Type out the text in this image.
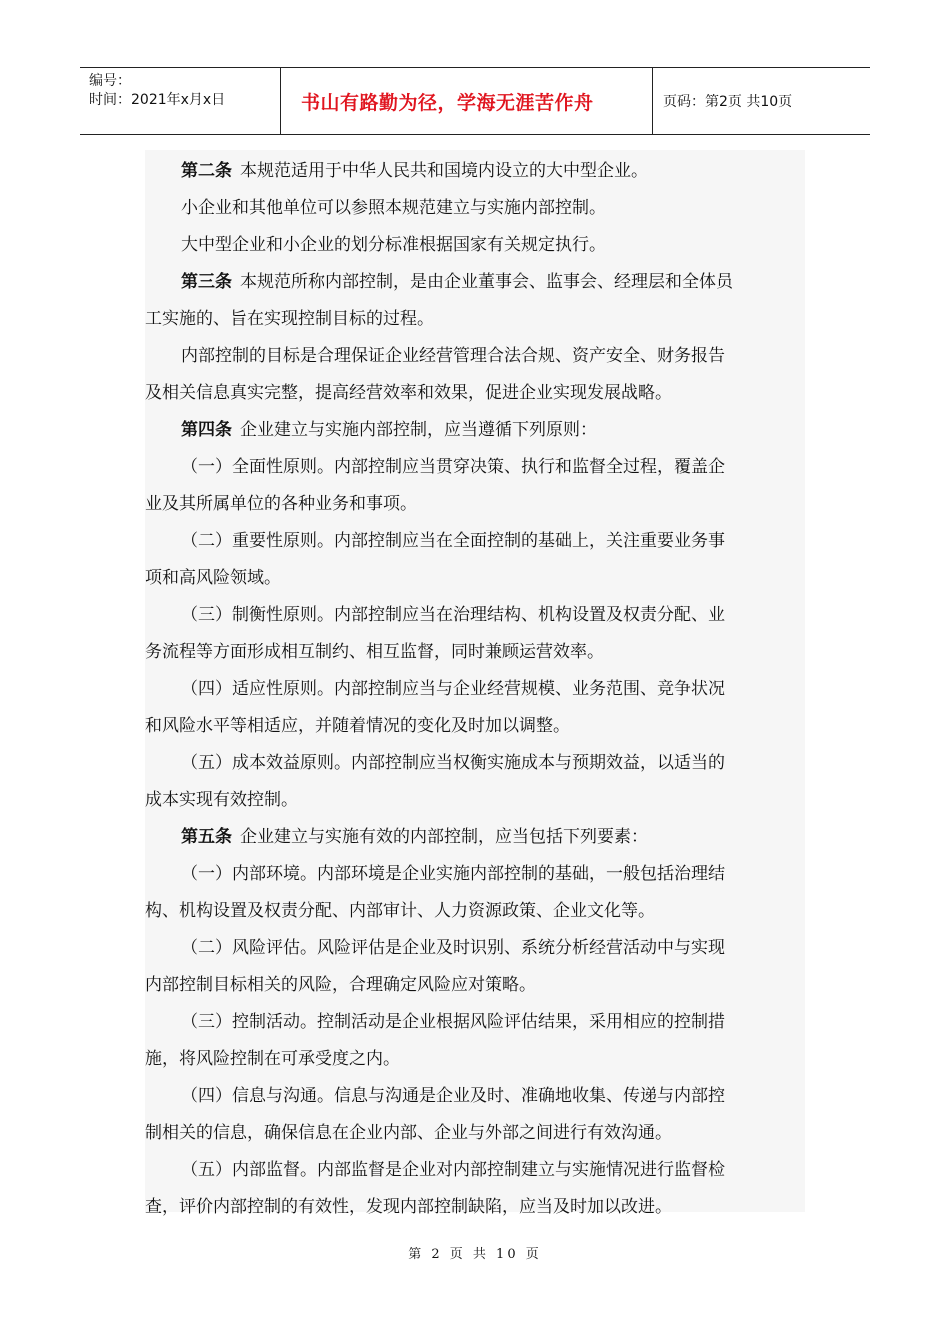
编号：
时间：2021年x月x日	书山有路勤为径，学海无涯苦作舟	页码：第2页 共10页
第二条 本规范适用于中华人民共和国境内设立的大中型企业。
小企业和其他单位可以参照本规范建立与实施内部控制。
大中型企业和小企业的划分标准根据国家有关规定执行。
第三条 本规范所称内部控制，是由企业董事会、监事会、经理层和全体员
工实施的、旨在实现控制目标的过程。
内部控制的目标是合理保证企业经营管理合法合规、资产安全、财务报告
及相关信息真实完整，提高经营效率和效果，促进企业实现发展战略。
第四条 企业建立与实施内部控制，应当遵循下列原则：
（一）全面性原则。内部控制应当贯穿决策、执行和监督全过程，覆盖企
业及其所属单位的各种业务和事项。
（二）重要性原则。内部控制应当在全面控制的基础上，关注重要业务事
项和高风险领域。
（三）制衡性原则。内部控制应当在治理结构、机构设置及权责分配、业
务流程等方面形成相互制约、相互监督，同时兼顾运营效率。
（四）适应性原则。内部控制应当与企业经营规模、业务范围、竞争状况
和风险水平等相适应，并随着情况的变化及时加以调整。
（五）成本效益原则。内部控制应当权衡实施成本与预期效益，以适当的
成本实现有效控制。
第五条 企业建立与实施有效的内部控制，应当包括下列要素：
（一）内部环境。内部环境是企业实施内部控制的基础，一般包括治理结
构、机构设置及权责分配、内部审计、人力资源政策、企业文化等。
（二）风险评估。风险评估是企业及时识别、系统分析经营活动中与实现
内部控制目标相关的风险，合理确定风险应对策略。
（三）控制活动。控制活动是企业根据风险评估结果，采用相应的控制措
施，将风险控制在可承受度之内。
（四）信息与沟通。信息与沟通是企业及时、准确地收集、传递与内部控
制相关的信息，确保信息在企业内部、企业与外部之间进行有效沟通。
（五）内部监督。内部监督是企业对内部控制建立与实施情况进行监督检
查，评价内部控制的有效性，发现内部控制缺陷，应当及时加以改进。
第 2 页 共 10 页
